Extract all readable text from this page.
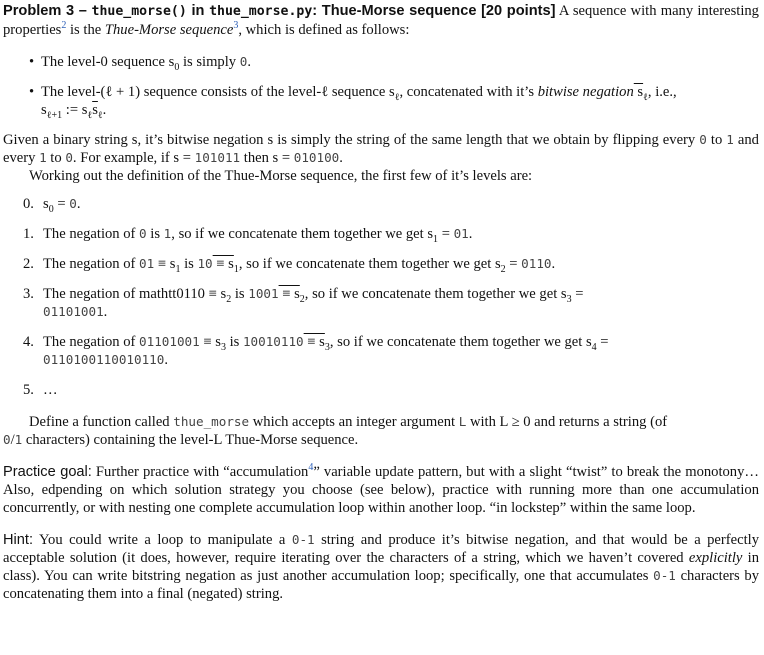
Problem 3 – thue_morse() in thue_morse.py: Thue-Morse sequence [20 points] A sequence with many interesting properties$^2$ is the Thue-Morse sequence$^3$, which is defined as follows:

• The level-0 sequence $s_0$ is simply 0.
• The level-(ℓ + 1) sequence consists of the level-ℓ sequence $s_\ell$, concatenated with it’s bitwise negation $s_\ell$, i.e.,
$s_{\ell+1}$ := $s_\ell\overline{s}_\ell$.

Given a binary string s, it’s bitwise negation s is simply the string of the same length that we obtain by flipping every 0 to 1 and every 1 to 0. For example, if s = 101011 then s = 010100.

Working out the definition of the Thue-Morse sequence, the first few of it’s levels are:

0. $s_0 = 0$.
1. The negation of 0 is 1, so if we concatenate them together we get $s_1 = 01$.
2. The negation of $01 \equiv s_1$ is $10 \equiv s_1$, so if we concatenate them together we get $s_2 = 0110$.
3. The negation of mathtt0110 ≡ $s_2$ is $1001 \equiv s_2$, so if we concatenate them together we get $s_3$ =
01101001.
4. The negation of $01101001 \equiv s_3$ is $10010110 \equiv s_3$, so if we concatenate them together we get $s_4$ =
0110100110010110.
5. …

Define a function called thue_morse which accepts an integer argument L with L ≥ 0 and returns a string (of

0/1 characters) containing the level-L Thue-Morse sequence.

Practice goal: Further practice with “accumulation$^4$” variable update pattern, but with a slight “twist” to break the monotony… Also, edpending on which solution strategy you choose (see below), practice with running more than one accumulation concurrently, or with nesting one complete accumulation loop within another loop. “in lockstep” within the same loop.

Hint: You could write a loop to manipulate a 0-1 string and produce it’s bitwise negation, and that would be a perfectly acceptable solution (it does, however, require iterating over the characters of a string, which we haven’t covered explicitly in class). You can write bitstring negation as just another accumulation loop; specifically, one that accumulates 0-1 characters by concatenating them into a final (negated) string.
